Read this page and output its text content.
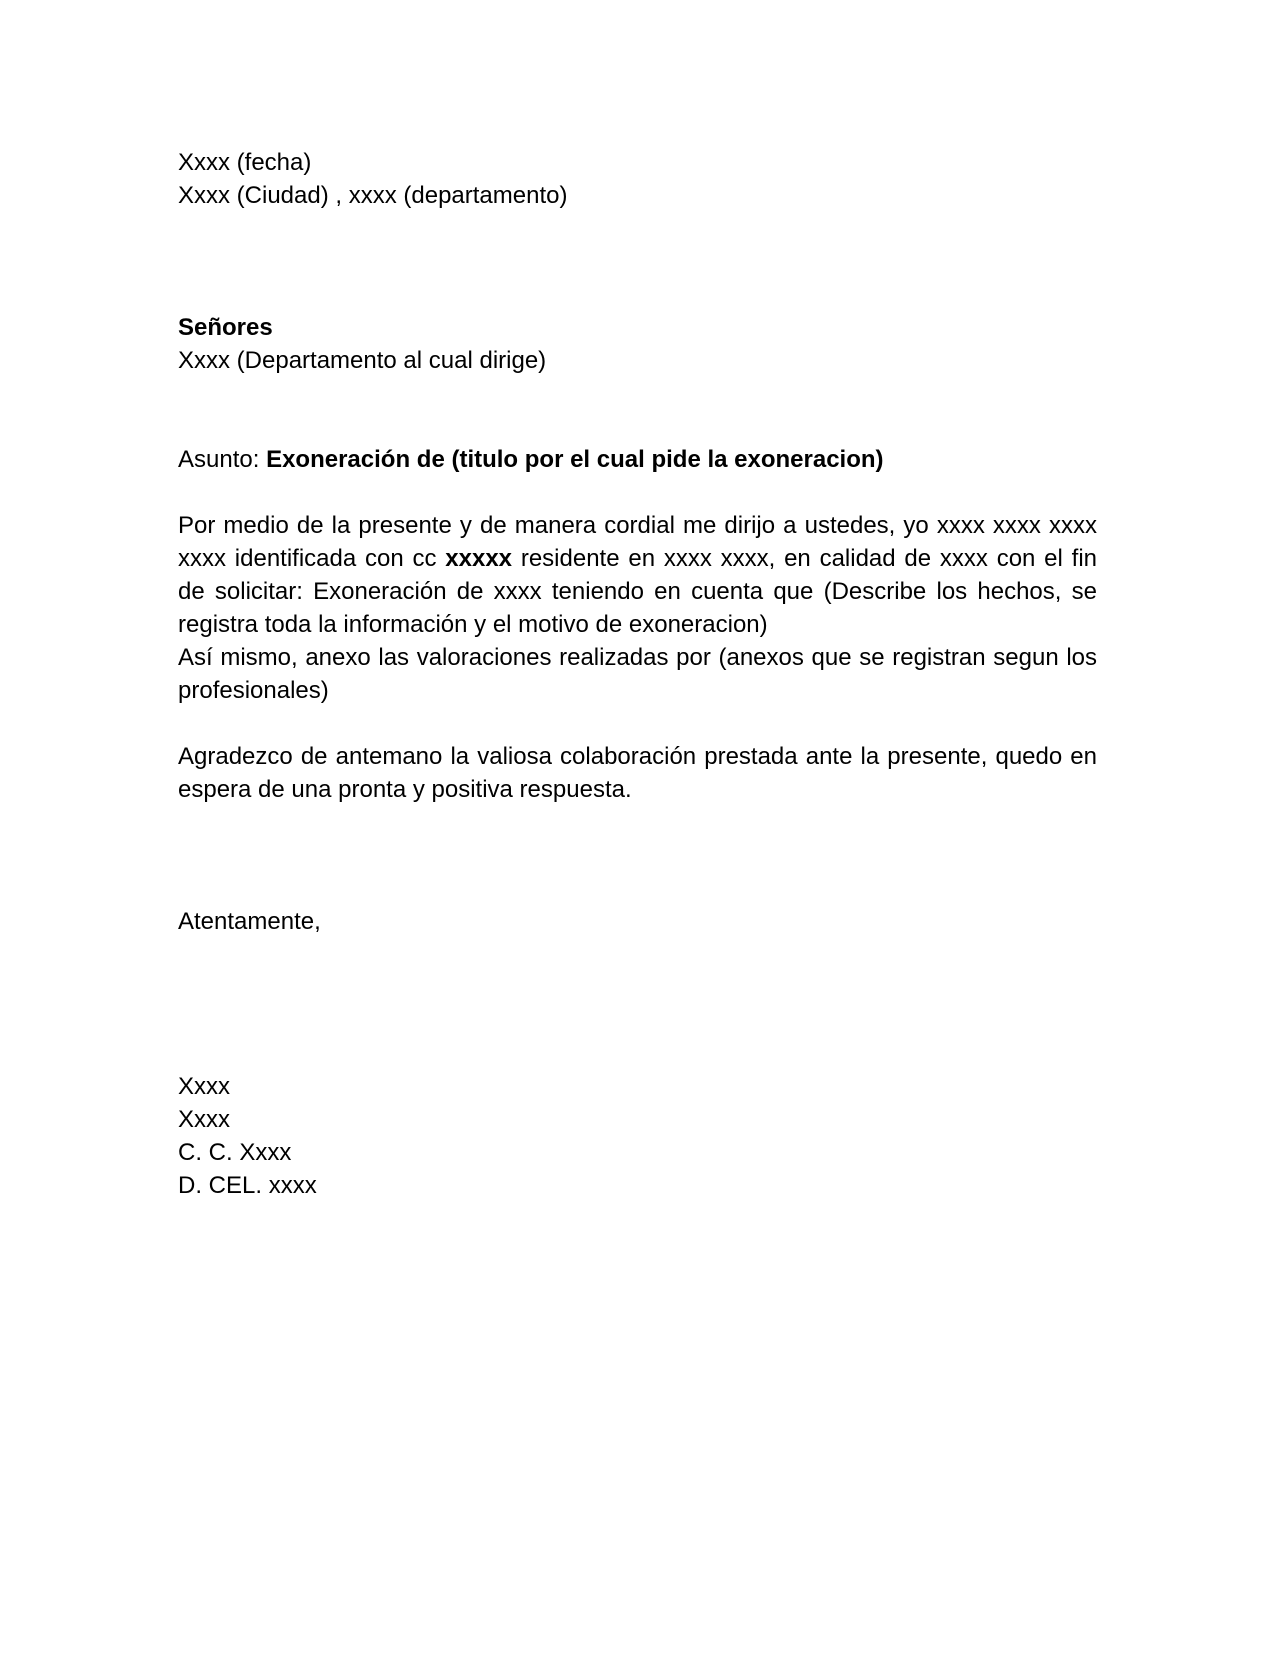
Xxxx (fecha)
Xxxx (Ciudad) , xxxx (departamento)
Señores
Xxxx (Departamento al cual dirige)
Asunto: Exoneración de (titulo por el cual pide la exoneracion)

Por medio de la presente y de manera cordial me dirijo a ustedes, yo xxxx xxxx xxxx xxxx identificada con cc xxxxx residente en xxxx xxxx, en calidad de xxxx con el fin de solicitar: Exoneración de xxxx teniendo en cuenta que (Describe los hechos, se registra toda la información y el motivo de exoneracion)

Así mismo, anexo las valoraciones realizadas por (anexos que se registran segun los profesionales)

Agradezco de antemano la valiosa colaboración prestada ante la presente, quedo en espera de una pronta y positiva respuesta.
Atentamente,
Xxxx
Xxxx
C. C. Xxxx
D. CEL. xxxx
